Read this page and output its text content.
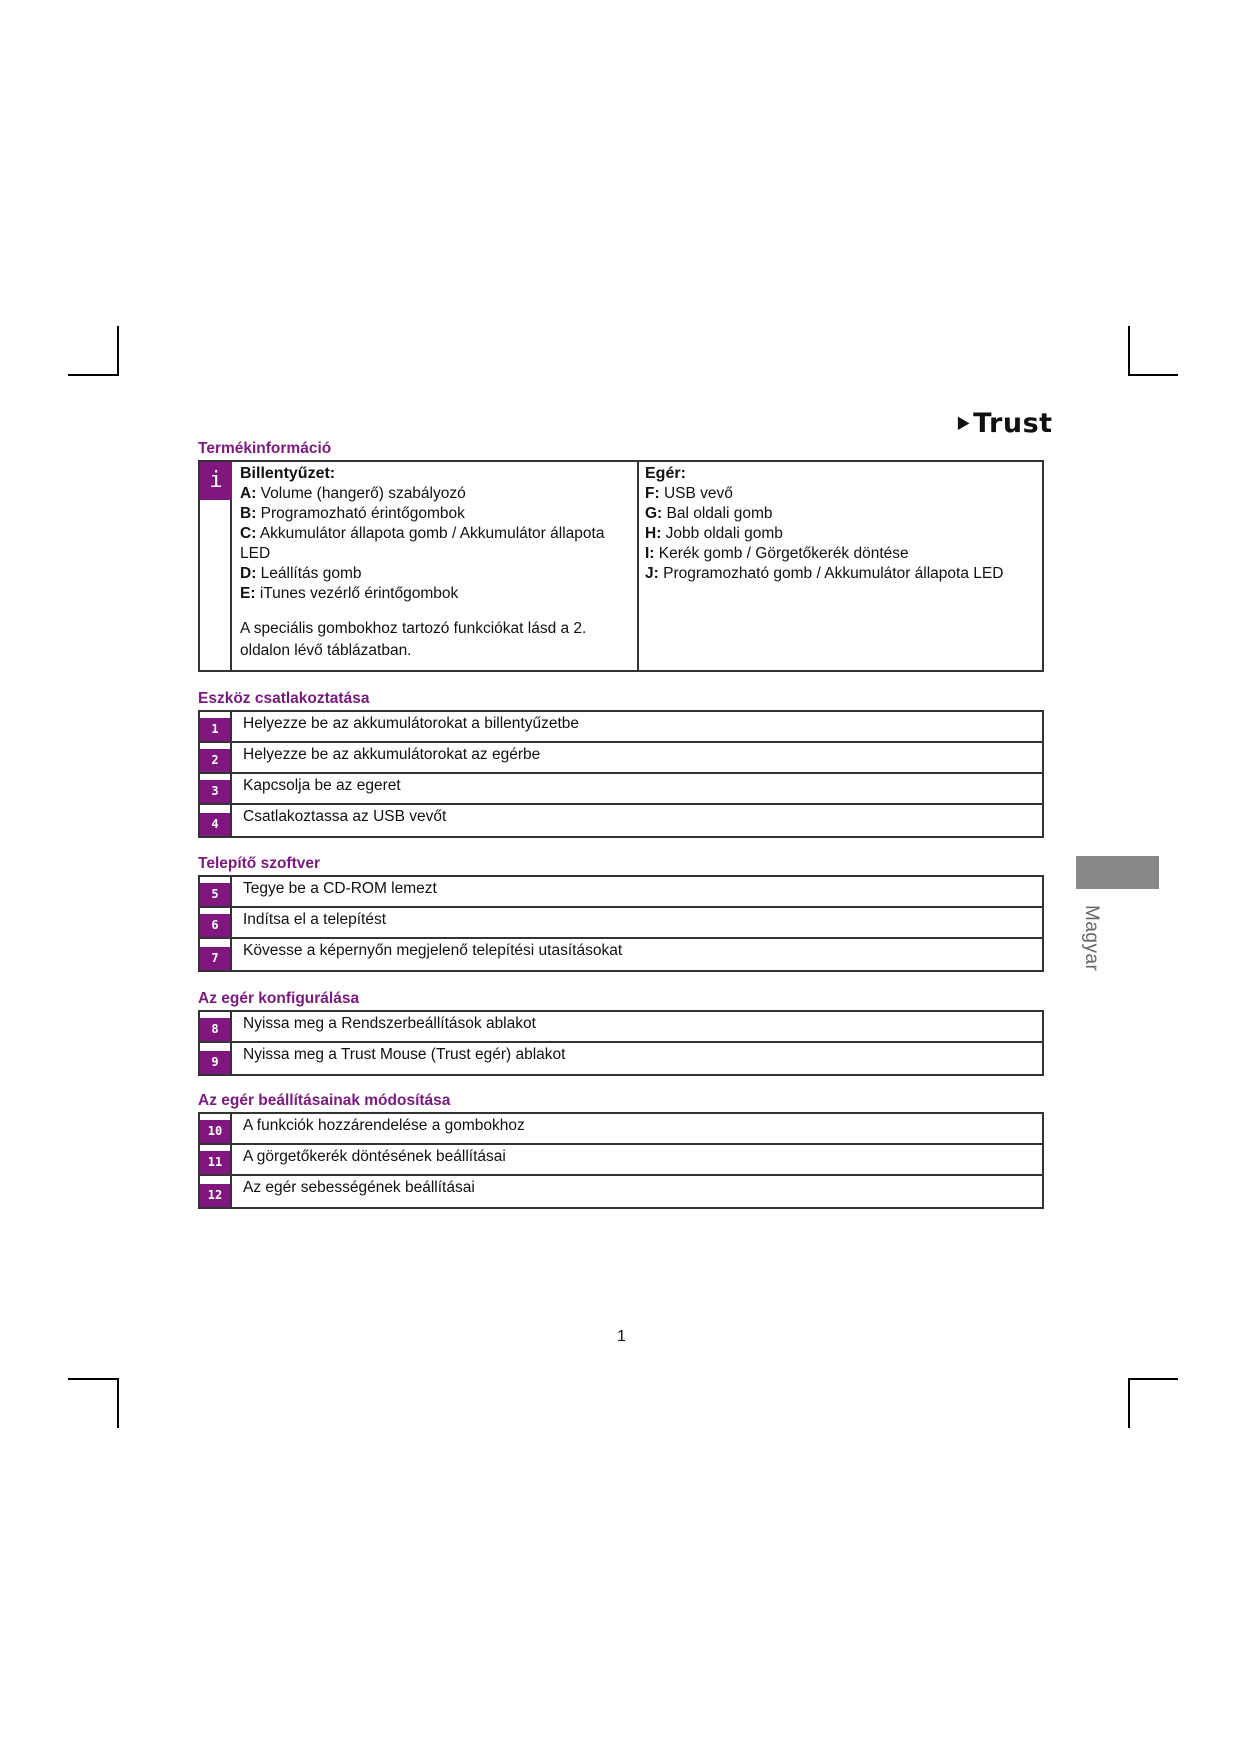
⯈Trust
Termékinformáció
i	Billentyűzet:
A: Volume (hangerő) szabályozó
B: Programozható érintőgombok
C: Akkumulátor állapota gomb / Akkumulátor állapota LED
D: Leállítás gomb
E: iTunes vezérlő érintőgombok
A speciális gombokhoz tartozó funkciókat lásd a 2. oldalon lévő táblázatban.
Egér:
F: USB vevő
G: Bal oldali gomb
H: Jobb oldali gomb
I: Kerék gomb / Görgetőkerék döntése
J: Programozható gomb / Akkumulátor állapota LED
Eszköz csatlakoztatása
1	Helyezze be az akkumulátorokat a billentyűzetbe
2	Helyezze be az akkumulátorokat az egérbe
3	Kapcsolja be az egeret
4	Csatlakoztassa az USB vevőt
Telepítő szoftver
5	Tegye be a CD-ROM lemezt
6	Indítsa el a telepítést
7	Kövesse a képernyőn megjelenő telepítési utasításokat
Az egér konfigurálása
8	Nyissa meg a Rendszerbeállítások ablakot
9	Nyissa meg a Trust Mouse (Trust egér) ablakot
Az egér beállításainak módosítása
10	A funkciók hozzárendelése a gombokhoz
11	A görgetőkerék döntésének beállításai
12	Az egér sebességének beállításai
Magyar
1
